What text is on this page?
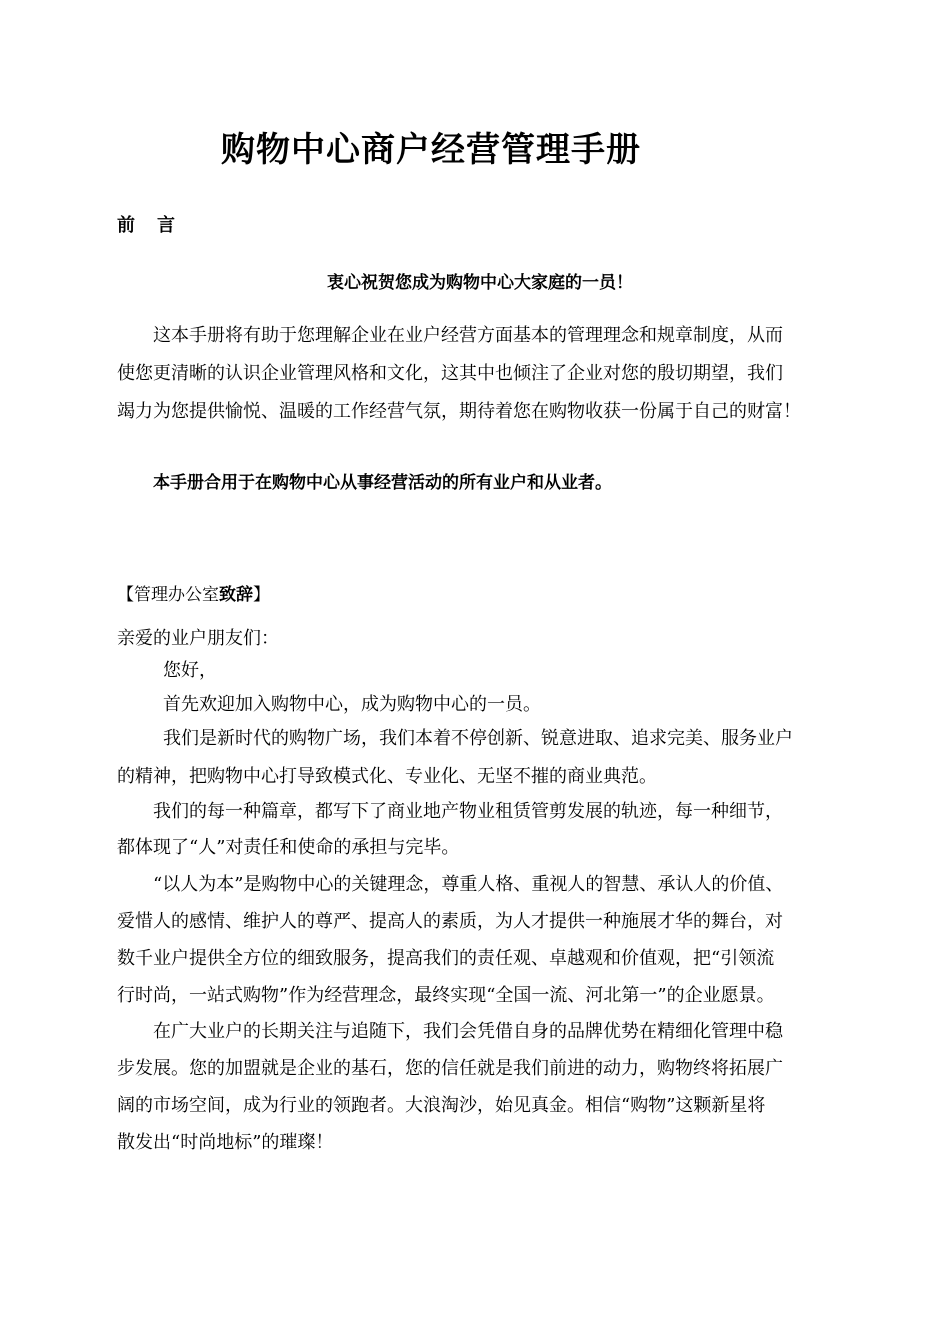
购物中心商户经营管理手册
前 言

衷心祝贺您成为购物中心大家庭的一员！

这本手册将有助于您理解企业在业户经营方面基本的管理理念和规章制度，从而

使您更清晰的认识企业管理风格和文化，这其中也倾注了企业对您的殷切期望，我们

竭力为您提供愉悦、温暖的工作经营气氛，期待着您在购物收获一份属于自己的财富！

本手册合用于在购物中心从事经营活动的所有业户和从业者。

【管理办公室致辞】

亲爱的业户朋友们：

您好，

首先欢迎加入购物中心，成为购物中心的一员。

我们是新时代的购物广场，我们本着不停创新、锐意进取、追求完美、服务业户

的精神，把购物中心打导致模式化、专业化、无坚不摧的商业典范。

我们的每一种篇章，都写下了商业地产物业租赁管剪发展的轨迹，每一种细节，

都体现了“人”对责任和使命的承担与完毕。

“以人为本”是购物中心的关键理念，尊重人格、重视人的智慧、承认人的价值、

爱惜人的感情、维护人的尊严、提高人的素质，为人才提供一种施展才华的舞台，对

数千业户提供全方位的细致服务，提高我们的责任观、卓越观和价值观，把“引领流

行时尚，一站式购物”作为经营理念，最终实现“全国一流、河北第一”的企业愿景。

在广大业户的长期关注与追随下，我们会凭借自身的品牌优势在精细化管理中稳

步发展。您的加盟就是企业的基石，您的信任就是我们前进的动力，购物终将拓展广

阔的市场空间，成为行业的领跑者。大浪淘沙，始见真金。相信“购物”这颗新星将

散发出“时尚地标”的璀璨！
